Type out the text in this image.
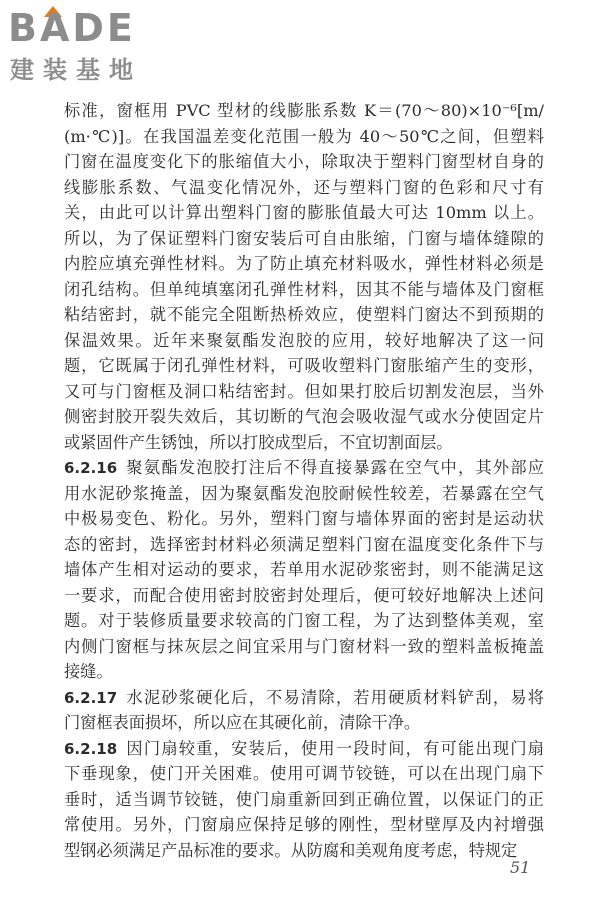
BADE

建装基地

标准，窗框用 PVC 型材的线膨胀系数 K＝(70～80)×10⁻⁶[m/
(m·℃)]。在我国温差变化范围一般为 40～50℃之间，但塑料
门窗在温度变化下的胀缩值大小，除取决于塑料门窗型材自身的
线膨胀系数、气温变化情况外，还与塑料门窗的色彩和尺寸有
关，由此可以计算出塑料门窗的膨胀值最大可达 10mm 以上。
所以，为了保证塑料门窗安装后可自由胀缩，门窗与墙体缝隙的
内腔应填充弹性材料。为了防止填充材料吸水，弹性材料必须是
闭孔结构。但单纯填塞闭孔弹性材料，因其不能与墙体及门窗框
粘结密封，就不能完全阻断热桥效应，使塑料门窗达不到预期的
保温效果。近年来聚氨酯发泡胶的应用，较好地解决了这一问
题，它既属于闭孔弹性材料，可吸收塑料门窗胀缩产生的变形，
又可与门窗框及洞口粘结密封。但如果打胶后切割发泡层，当外
侧密封胶开裂失效后，其切断的气泡会吸收湿气或水分使固定片
或紧固件产生锈蚀，所以打胶成型后，不宜切割面层。
6.2.16 聚氨酯发泡胶打注后不得直接暴露在空气中，其外部应
用水泥砂浆掩盖，因为聚氨酯发泡胶耐候性较差，若暴露在空气
中极易变色、粉化。另外，塑料门窗与墙体界面的密封是运动状
态的密封，选择密封材料必须满足塑料门窗在温度变化条件下与
墙体产生相对运动的要求，若单用水泥砂浆密封，则不能满足这
一要求，而配合使用密封胶密封处理后，便可较好地解决上述问
题。对于装修质量要求较高的门窗工程，为了达到整体美观，室
内侧门窗框与抹灰层之间宜采用与门窗材料一致的塑料盖板掩盖
接缝。
6.2.17 水泥砂浆硬化后，不易清除，若用硬质材料铲刮，易将
门窗框表面损坏，所以应在其硬化前，清除干净。
6.2.18 因门扇较重，安装后，使用一段时间，有可能出现门扇
下垂现象，使门开关困难。使用可调节铰链，可以在出现门扇下
垂时，适当调节铰链，使门扇重新回到正确位置，以保证门的正
常使用。另外，门窗扇应保持足够的刚性，型材壁厚及内衬增强
型钢必须满足产品标准的要求。从防腐和美观角度考虑，特规定
51
